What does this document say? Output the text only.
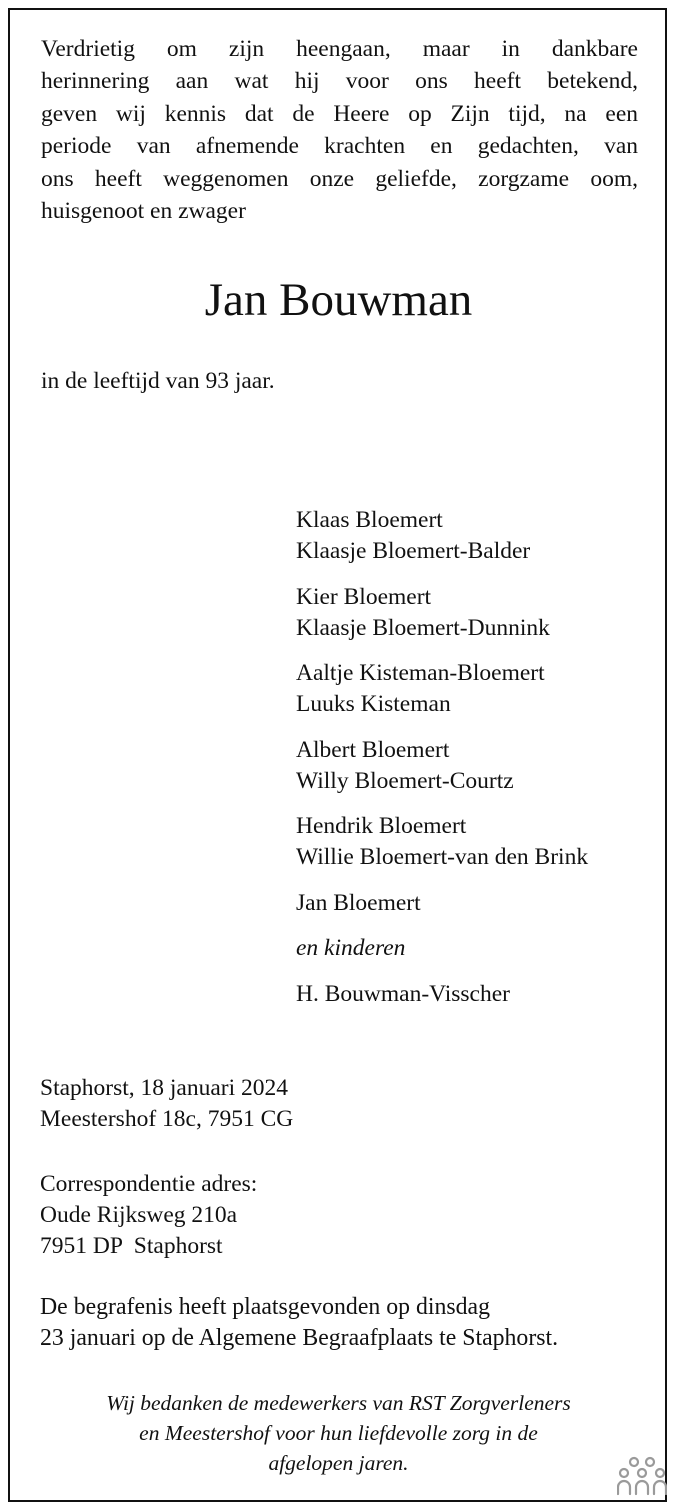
Verdrietig om zijn heengaan, maar in dankbare
herinnering aan wat hij voor ons heeft betekend,
geven wij kennis dat de Heere op Zijn tijd, na een
periode van afnemende krachten en gedachten, van
ons heeft weggenomen onze geliefde, zorgzame oom,
huisgenoot en zwager

Jan Bouwman

in de leeftijd van 93 jaar.

Klaas Bloemert
Klaasje Bloemert-Balder
Kier Bloemert
Klaasje Bloemert-Dunnink
Aaltje Kisteman-Bloemert
Luuks Kisteman
Albert Bloemert
Willy Bloemert-Courtz
Hendrik Bloemert
Willie Bloemert-van den Brink
Jan Bloemert
en kinderen
H. Bouwman-Visscher
Staphorst, 18 januari 2024
Meestershof 18c, 7951 CG
Correspondentie adres:
Oude Rijksweg 210a
7951 DP  Staphorst
De begrafenis heeft plaatsgevonden op dinsdag
23 januari op de Algemene Begraafplaats te Staphorst.
Wij bedanken de medewerkers van RST Zorgverleners
en Meestershof voor hun liefdevolle zorg in de
afgelopen jaren.
